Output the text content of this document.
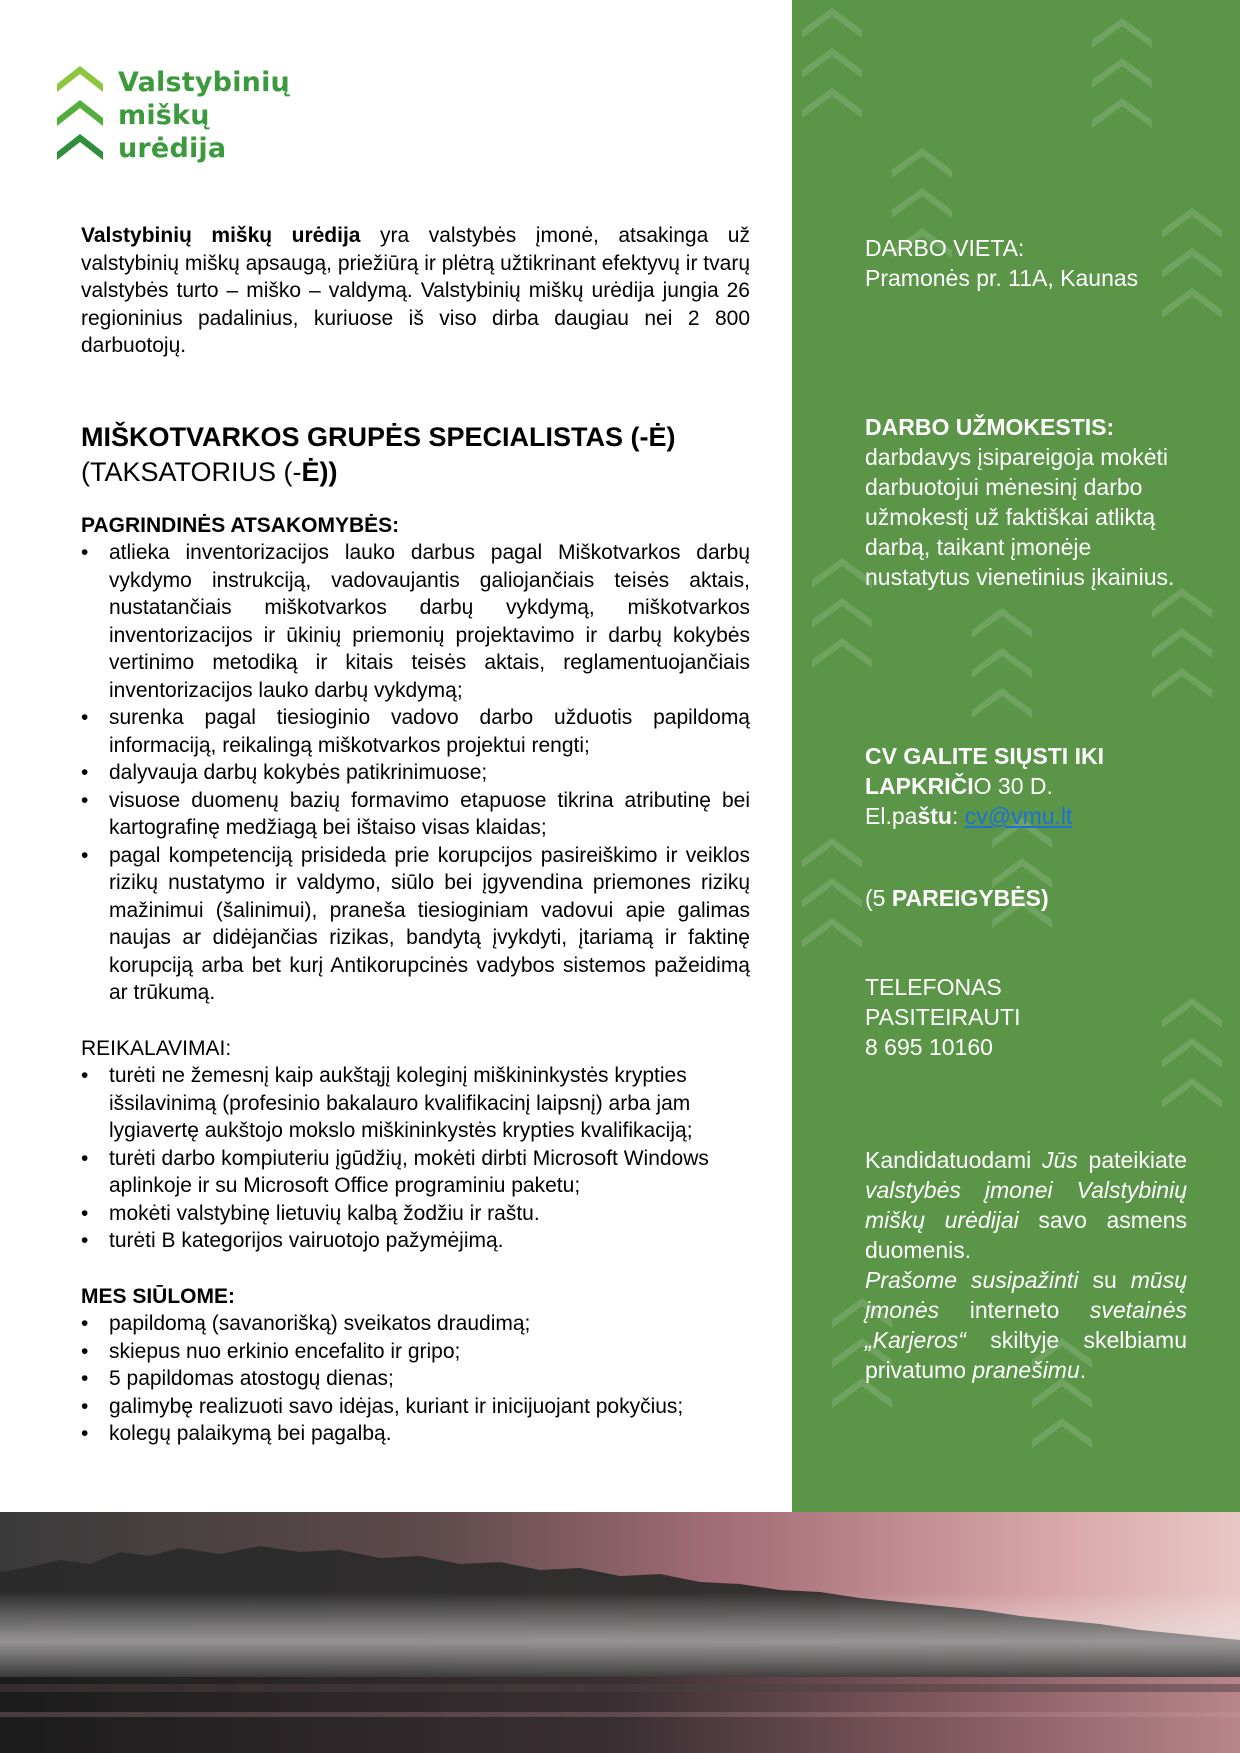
Valstybinių
miškų
urėdija

Valstybinių miškų urėdija yra valstybės įmonė, atsakinga už valstybinių miškų apsaugą, priežiūrą ir plėtrą užtikrinant efektyvų ir tvarų valstybės turto – miško – valdymą. Valstybinių miškų urėdija jungia 26 regioninius padalinius, kuriuose iš viso dirba daugiau nei 2 800 darbuotojų.

MIŠKOTVARKOS GRUPĖS SPECIALISTAS (-Ė)
(TAKSATORIUS (-Ė))
PAGRINDINĖS ATSAKOMYBĖS:
• atlieka inventorizacijos lauko darbus pagal Miškotvarkos darbų vykdymo instrukciją, vadovaujantis galiojančiais teisės aktais, nustatančiais miškotvarkos darbų vykdymą, miškotvarkos inventorizacijos ir ūkinių priemonių projektavimo ir darbų kokybės vertinimo metodiką ir kitais teisės aktais, reglamentuojančiais inventorizacijos lauko darbų vykdymą;
• surenka pagal tiesioginio vadovo darbo užduotis papildomą informaciją, reikalingą miškotvarkos projektui rengti;
• dalyvauja darbų kokybės patikrinimuose;
• visuose duomenų bazių formavimo etapuose tikrina atributinę bei kartografinę medžiagą bei ištaiso visas klaidas;
• pagal kompetenciją prisideda prie korupcijos pasireiškimo ir veiklos rizikų nustatymo ir valdymo, siūlo bei įgyvendina priemones rizikų mažinimui (šalinimui), praneša tiesioginiam vadovui apie galimas naujas ar didėjančias rizikas, bandytą įvykdyti, įtariamą ir faktinę korupciją arba bet kurį Antikorupcinės vadybos sistemos pažeidimą ar trūkumą.
REIKALAVIMAI:
• turėti ne žemesnį kaip aukštąjį koleginį miškininkystės krypties išsilavinimą (profesinio bakalauro kvalifikacinį laipsnį) arba jam lygiavertę aukštojo mokslo miškininkystės krypties kvalifikaciją;
• turėti darbo kompiuteriu įgūdžių, mokėti dirbti Microsoft Windows aplinkoje ir su Microsoft Office programiniu paketu;
• mokėti valstybinę lietuvių kalbą žodžiu ir raštu.
• turėti B kategorijos vairuotojo pažymėjimą.
MES SIŪLOME:
• papildomą (savanorišką) sveikatos draudimą;
• skiepus nuo erkinio encefalito ir gripo;
• 5 papildomas atostogų dienas;
• galimybę realizuoti savo idėjas, kuriant ir inicijuojant pokyčius;
• kolegų palaikymą bei pagalbą.
DARBO VIETA:
Pramonės pr. 11A, Kaunas
DARBO UŽMOKESTIS:
darbdavys įsipareigoja mokėti darbuotojui mėnesinį darbo užmokestį už faktiškai atliktą darbą, taikant įmonėje nustatytus vienetinius įkainius.
CV GALITE SIŲSTI IKI
LAPKRIČIO 30 D.
El.paštu: cv@vmu.lt
(5 PAREIGYBĖS)
TELEFONAS
PASITEIRAUTI
8 695 10160
Kandidatuodami Jūs pateikiate valstybės įmonei Valstybinių miškų urėdijai savo asmens duomenis.
Prašome susipažinti su mūsų įmonės interneto svetainės „Karjeros“ skiltyje skelbiamu privatumo pranešimu.
